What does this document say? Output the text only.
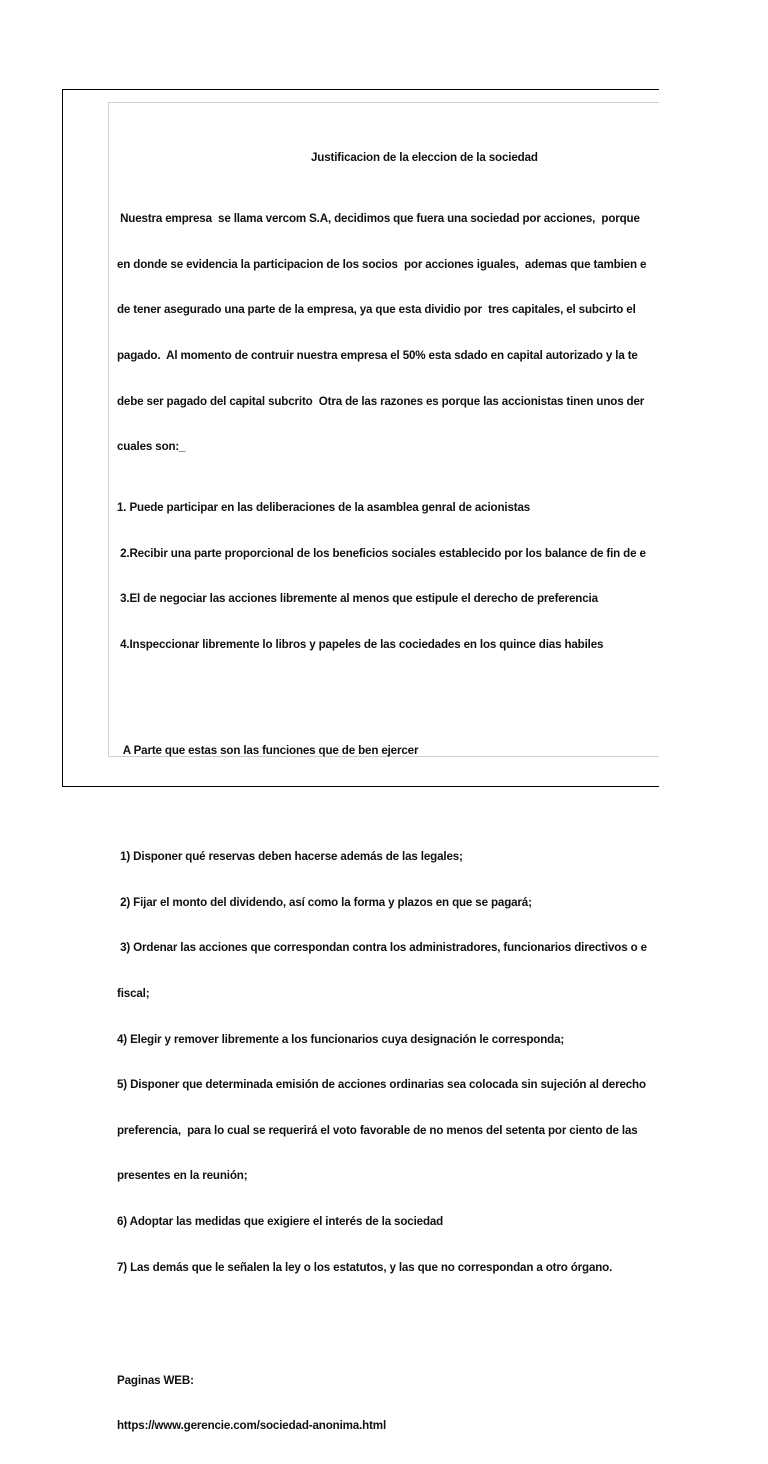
Justificacion de la eleccion de la sociedad

Nuestra empresa  se llama vercom S.A, decidimos que fuera una sociedad por acciones,  porque

en donde se evidencia la participacion de los socios  por acciones iguales,  ademas que tambien e

de tener asegurado una parte de la empresa, ya que esta dividio por  tres capitales, el subcirto el

pagado.  Al momento de contruir nuestra empresa el 50% esta sdado en capital autorizado y la te

debe ser pagado del capital subcrito  Otra de las razones es porque las accionistas tinen unos der

cuales son:_

1. Puede participar en las deliberaciones de la asamblea genral de acionistas

2.Recibir una parte proporcional de los beneficios sociales establecido por los balance de fin de e

3.El de negociar las acciones libremente al menos que estipule el derecho de preferencia

4.Inspeccionar libremente lo libros y papeles de las cociedades en los quince dias habiles

A Parte que estas son las funciones que de ben ejercer

1) Disponer qué reservas deben hacerse además de las legales;

2) Fijar el monto del dividendo, así como la forma y plazos en que se pagará;

3) Ordenar las acciones que correspondan contra los administradores, funcionarios directivos o e

fiscal;

4) Elegir y remover libremente a los funcionarios cuya designación le corresponda;

5) Disponer que determinada emisión de acciones ordinarias sea colocada sin sujeción al derecho

preferencia,  para lo cual se requerirá el voto favorable de no menos del setenta por ciento de las

presentes en la reunión;

6) Adoptar las medidas que exigiere el interés de la sociedad

7) Las demás que le señalen la ley o los estatutos, y las que no correspondan a otro órgano.

Paginas WEB:

https://www.gerencie.com/sociedad-anonima.html
